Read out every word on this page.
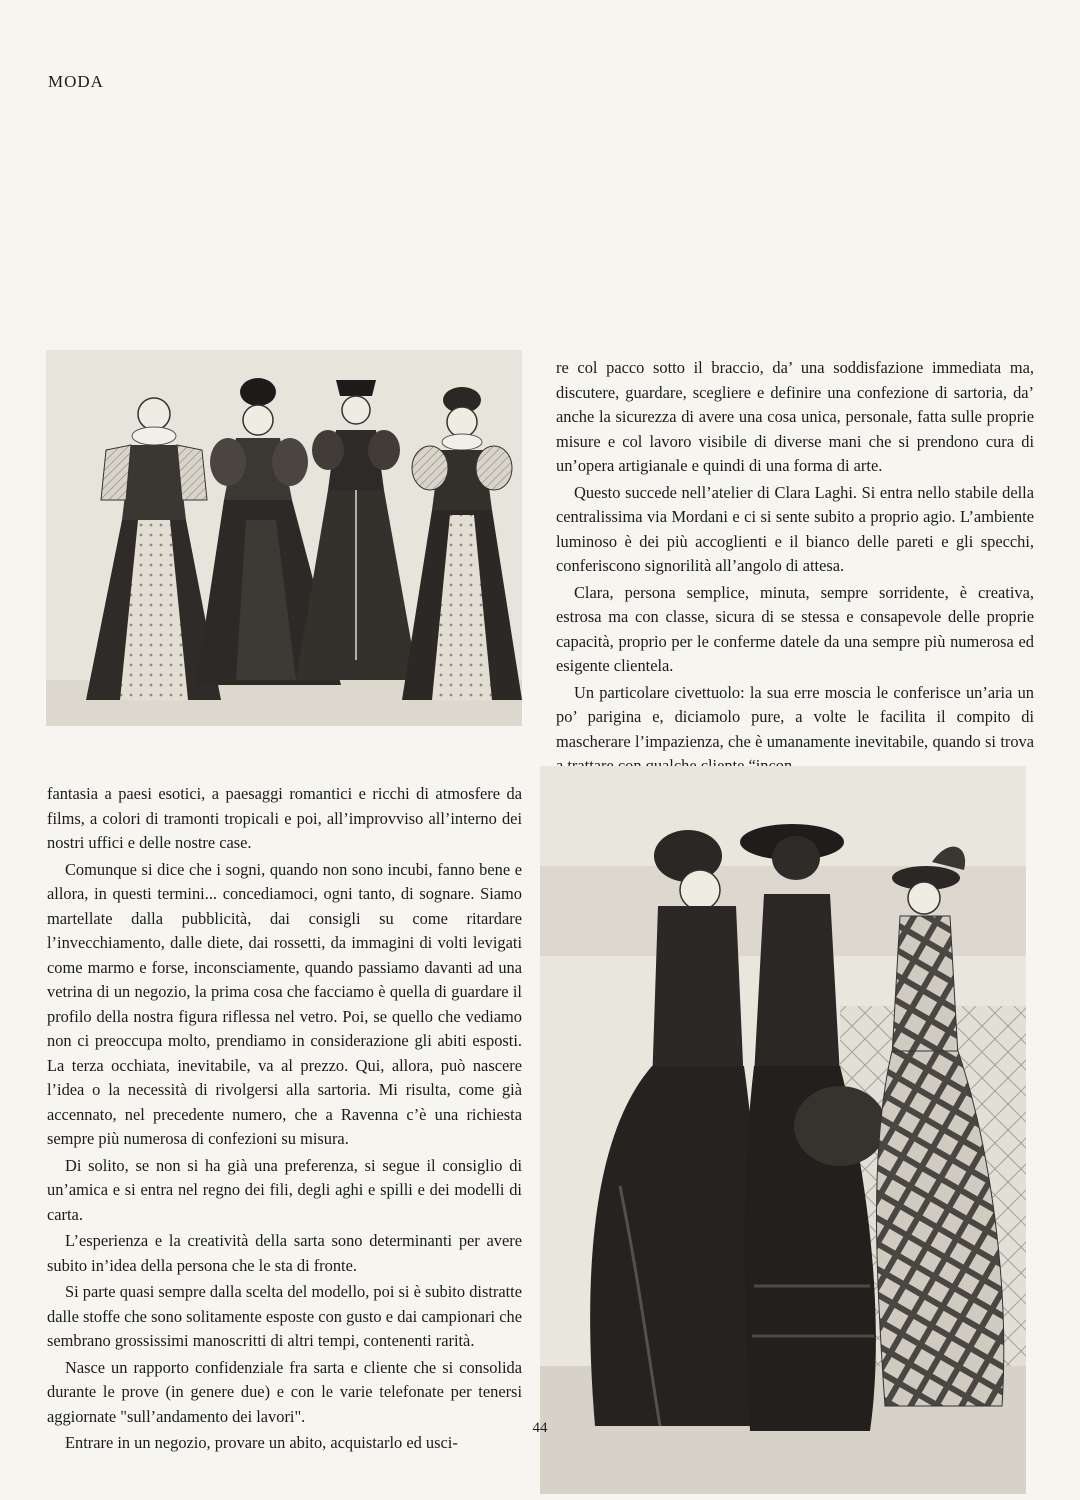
MODA

re col pacco sotto il braccio, da’ una soddisfazione immediata ma, discutere, guardare, scegliere e definire una confezione di sartoria, da’ anche la sicurezza di avere una cosa unica, personale, fatta sulle proprie misure e col lavoro visibile di diverse mani che si prendono cura di un’opera artigianale e quindi di una forma di arte.

Questo succede nell’atelier di Clara Laghi. Si entra nello stabile della centralissima via Mordani e ci si sente subito a proprio agio. L’ambiente luminoso è dei più accoglienti e il bianco delle pareti e gli specchi, conferiscono signorilità all’angolo di attesa.

Clara, persona semplice, minuta, sempre sorridente, è creativa, estrosa ma con classe, sicura di se stessa e consapevole delle proprie capacità, proprio per le conferme datele da una sempre più numerosa ed esigente clientela.

Un particolare civettuolo: la sua erre moscia le conferisce un’aria un po’ parigina e, diciamolo pure, a volte le facilita il compito di mascherare l’impazienza, che è umanamente inevitabile, quando si trova

fantasia a paesi esotici, a paesaggi romantici e ricchi di atmosfere da films, a colori di tramonti tropicali e poi, all’improvviso all’interno dei nostri uffici e delle nostre case.

Comunque si dice che i sogni, quando non sono incubi, fanno bene e allora, in questi termini... concediamoci, ogni tanto, di sognare. Siamo martellate dalla pubblicità, dai consigli su come ritardare l’invecchiamento, dalle diete, dai rossetti, da immagini di volti levigati come marmo e forse, inconsciamente, quando passiamo davanti ad una vetrina di un negozio, la prima cosa che facciamo è quella di guardare il profilo della nostra figura riflessa nel vetro. Poi, se quello che vediamo non ci preoccupa molto, prendiamo in considerazione gli abiti esposti. La terza occhiata, inevitabile, va al prezzo. Qui, allora, può nascere l’idea o la necessità di rivolgersi alla sartoria. Mi risulta, come già accennato, nel precedente numero, che a Ravenna c’è una richiesta sempre più numerosa di confezioni su misura.

Di solito, se non si ha già una preferenza, si segue il consiglio di un’amica e si entra nel regno dei fili, degli aghi e spilli e dei modelli di carta.

L’esperienza e la creatività della sarta sono determinanti per avere subito in’idea della persona che le sta di fronte.

Si parte quasi sempre dalla scelta del modello, poi si è subito distratte dalle stoffe che sono solitamente esposte con gusto e dai campionari che sembrano grossissimi manoscritti di altri tempi, contenenti rarità.

Nasce un rapporto confidenziale fra sarta e cliente che si consolida durante le prove (in genere due) e con le varie telefonate per tenersi aggiornate "sull’andamento dei lavori".

Entrare in un negozio, provare un abito, acquistarlo ed usci-

44
